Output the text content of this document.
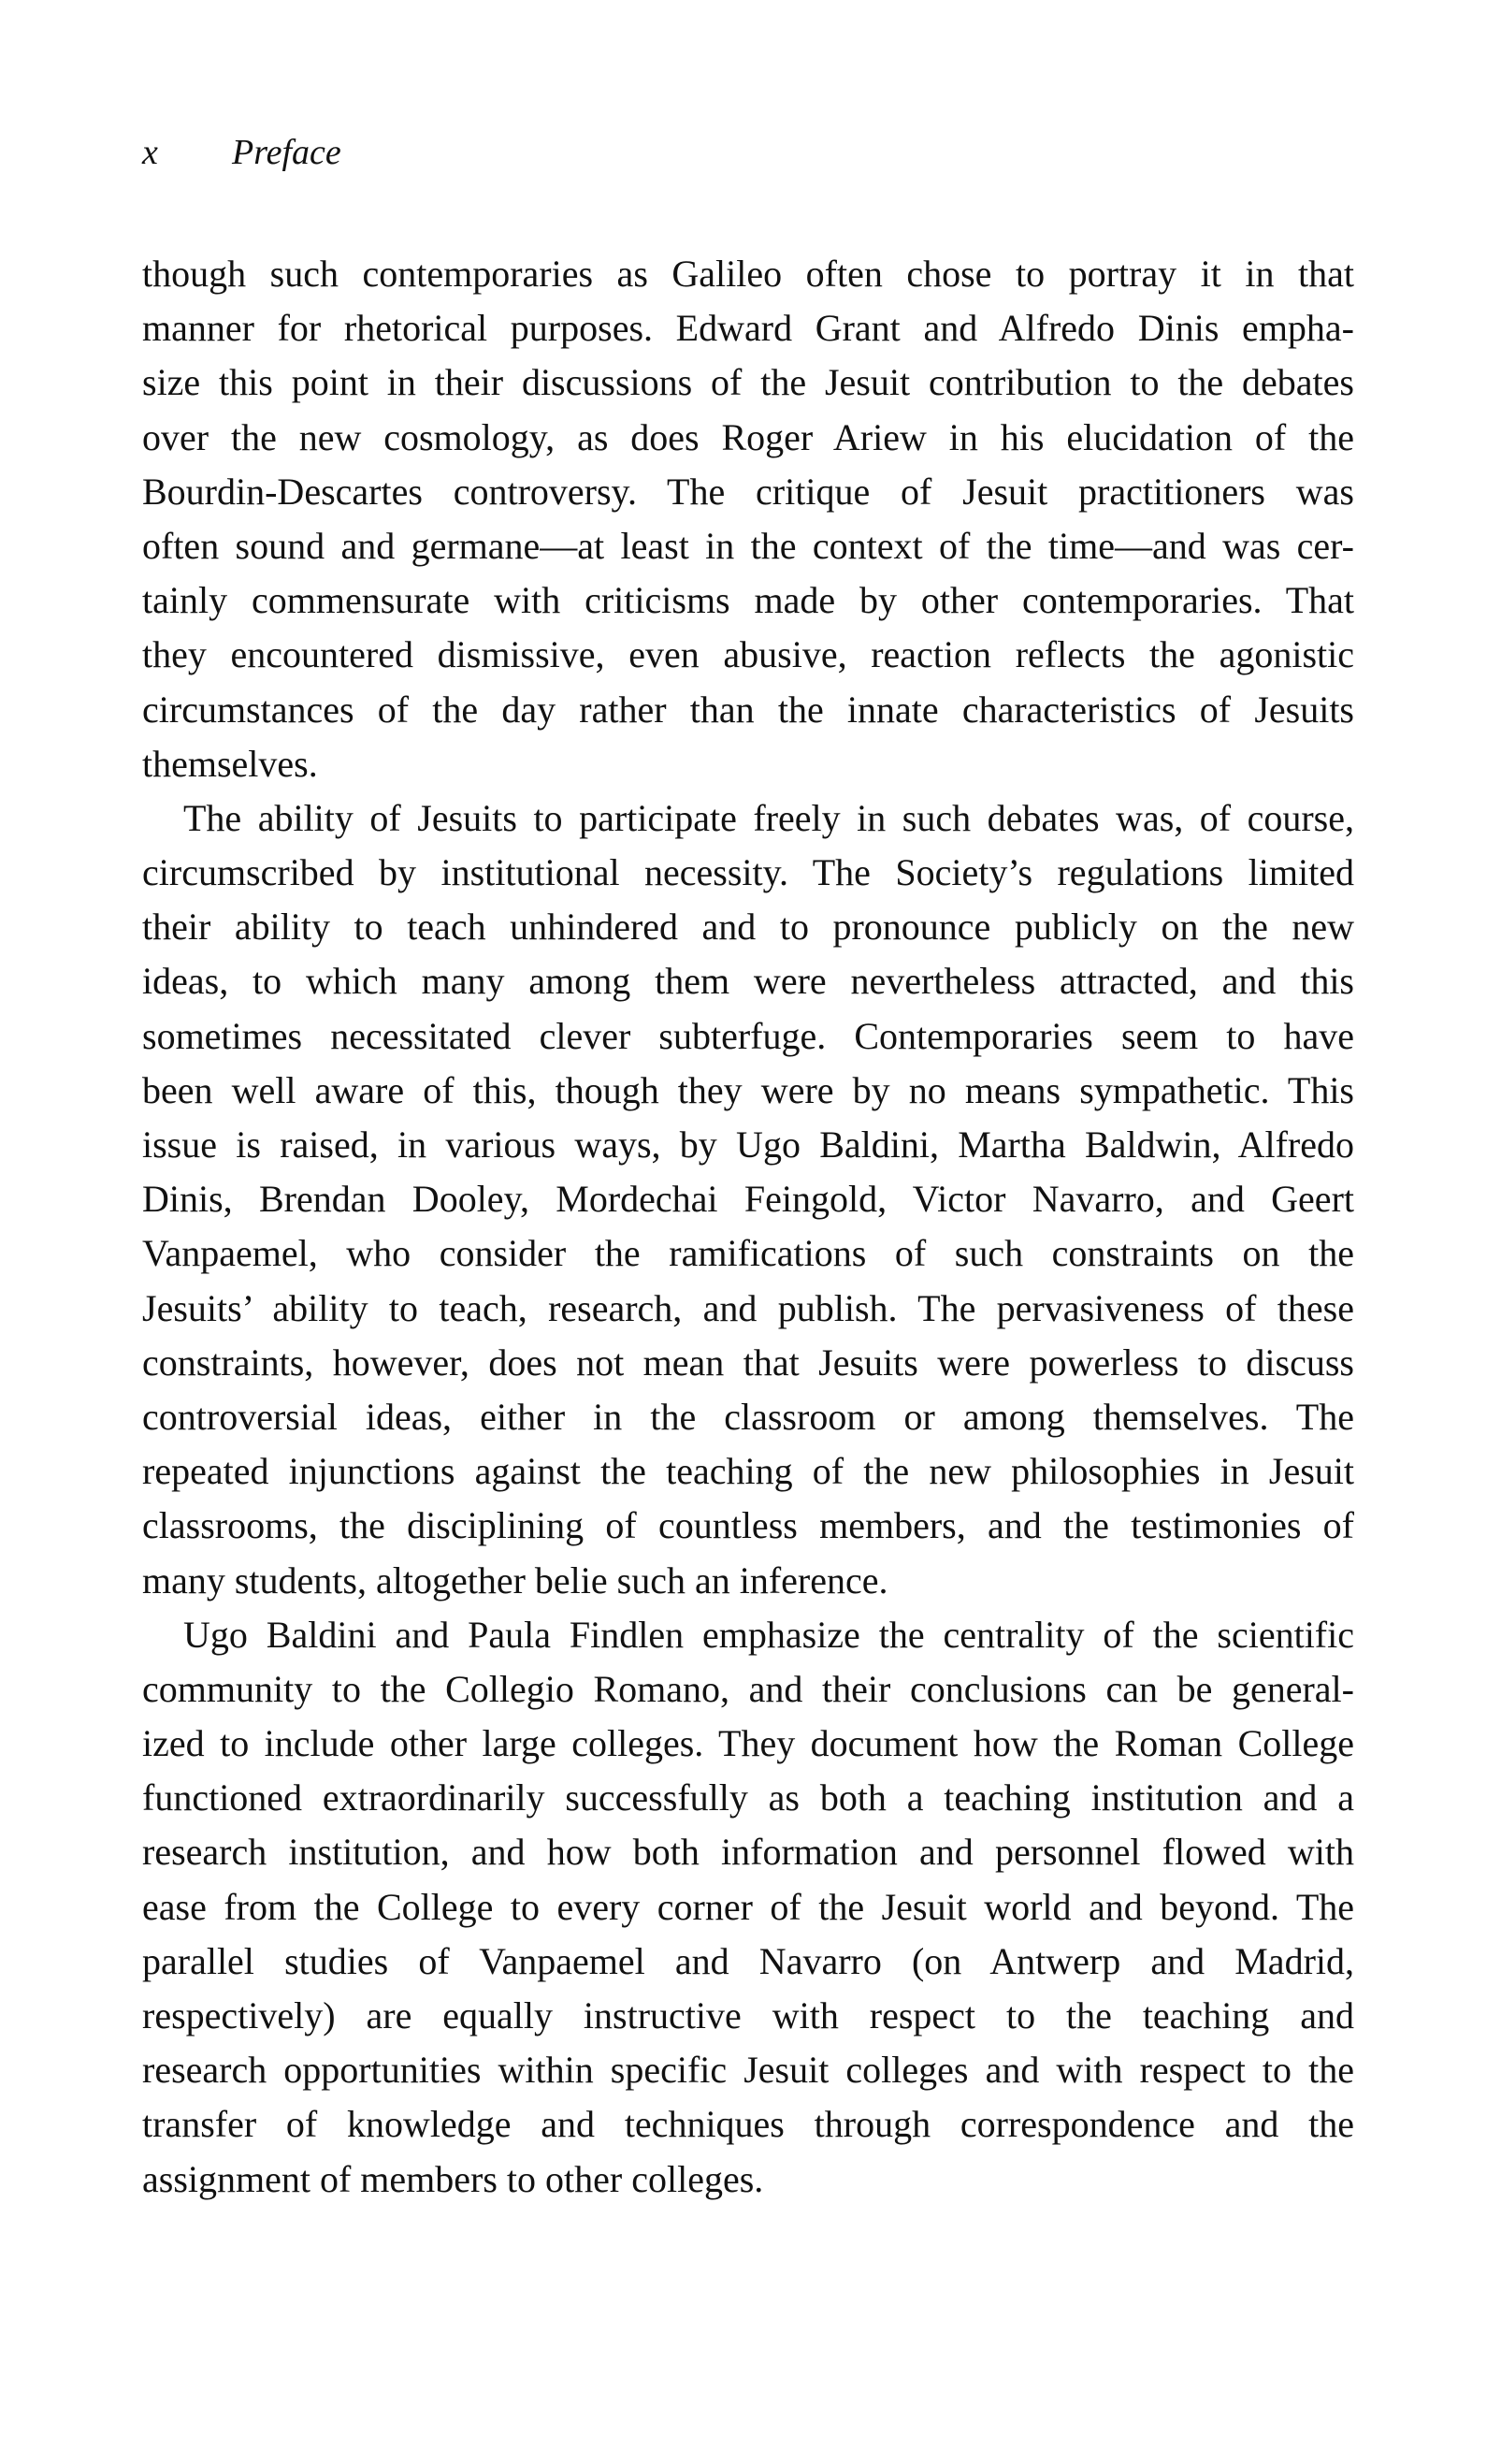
x Preface
though such contemporaries as Galileo often chose to portray it in that
manner for rhetorical purposes. Edward Grant and Alfredo Dinis empha-
size this point in their discussions of the Jesuit contribution to the debates
over the new cosmology, as does Roger Ariew in his elucidation of the
Bourdin-Descartes controversy. The critique of Jesuit practitioners was
often sound and germane—at least in the context of the time—and was cer-
tainly commensurate with criticisms made by other contemporaries. That
they encountered dismissive, even abusive, reaction reflects the agonistic
circumstances of the day rather than the innate characteristics of Jesuits
themselves.
The ability of Jesuits to participate freely in such debates was, of course,
circumscribed by institutional necessity. The Society’s regulations limited
their ability to teach unhindered and to pronounce publicly on the new
ideas, to which many among them were nevertheless attracted, and this
sometimes necessitated clever subterfuge. Contemporaries seem to have
been well aware of this, though they were by no means sympathetic. This
issue is raised, in various ways, by Ugo Baldini, Martha Baldwin, Alfredo
Dinis, Brendan Dooley, Mordechai Feingold, Victor Navarro, and Geert
Vanpaemel, who consider the ramifications of such constraints on the
Jesuits’ ability to teach, research, and publish. The pervasiveness of these
constraints, however, does not mean that Jesuits were powerless to discuss
controversial ideas, either in the classroom or among themselves. The
repeated injunctions against the teaching of the new philosophies in Jesuit
classrooms, the disciplining of countless members, and the testimonies of
many students, altogether belie such an inference.
Ugo Baldini and Paula Findlen emphasize the centrality of the scientific
community to the Collegio Romano, and their conclusions can be general-
ized to include other large colleges. They document how the Roman College
functioned extraordinarily successfully as both a teaching institution and a
research institution, and how both information and personnel flowed with
ease from the College to every corner of the Jesuit world and beyond. The
parallel studies of Vanpaemel and Navarro (on Antwerp and Madrid,
respectively) are equally instructive with respect to the teaching and
research opportunities within specific Jesuit colleges and with respect to the
transfer of knowledge and techniques through correspondence and the
assignment of members to other colleges.
